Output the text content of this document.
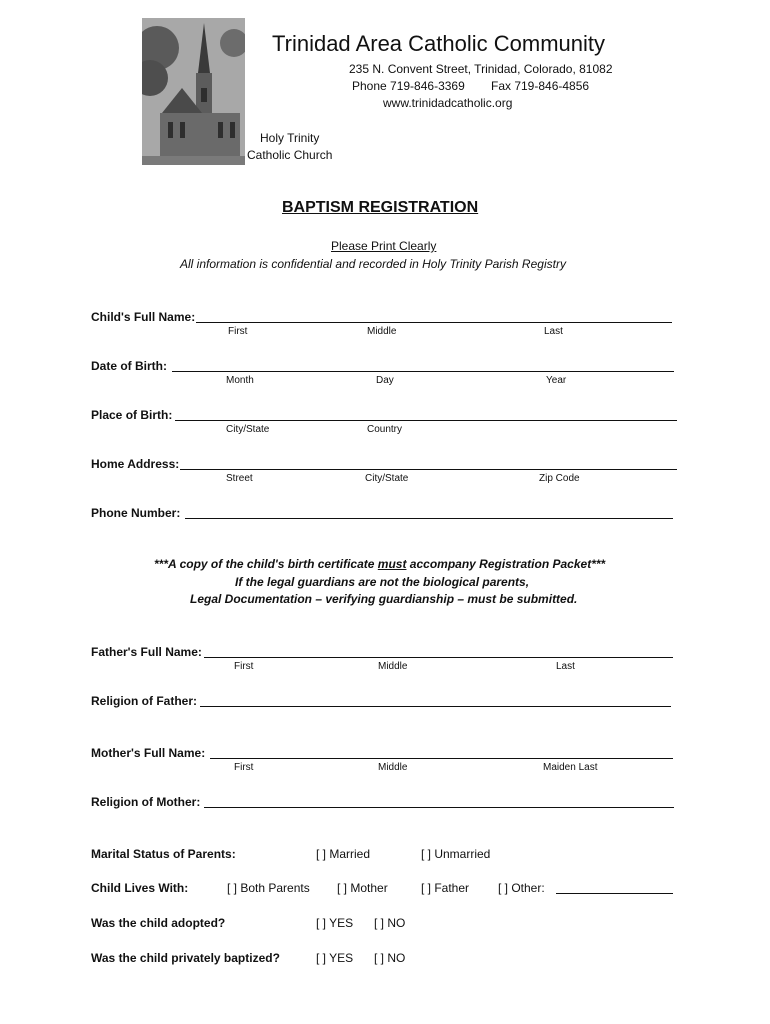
Trinidad Area Catholic Community
235 N. Convent Street, Trinidad, Colorado, 81082
Phone 719-846-3369 Fax 719-846-4856
www.trinidadcatholic.org
Holy Trinity
Catholic Church
BAPTISM REGISTRATION
Please Print Clearly
All information is confidential and recorded in Holy Trinity Parish Registry
Child's Full Name:
First	Middle	Last
Date of Birth:
Month	Day	Year
Place of Birth:
City/State	Country
Home Address:
Street	City/State	Zip Code
Phone Number:
***A copy of the child's birth certificate must accompany Registration Packet***
If the legal guardians are not the biological parents,
Legal Documentation – verifying guardianship – must be submitted.
Father's Full Name:
First	Middle	Last
Religion of Father:
Mother's Full Name:
First	Middle	Maiden Last
Religion of Mother:
Marital Status of Parents:	[ ] Married	[ ] Unmarried
Child Lives With:	[ ] Both Parents [ ] Mother	[ ] Father [ ] Other:
Was the child adopted?	[ ] YES [ ] NO
Was the child privately baptized?	[ ] YES [ ] NO
